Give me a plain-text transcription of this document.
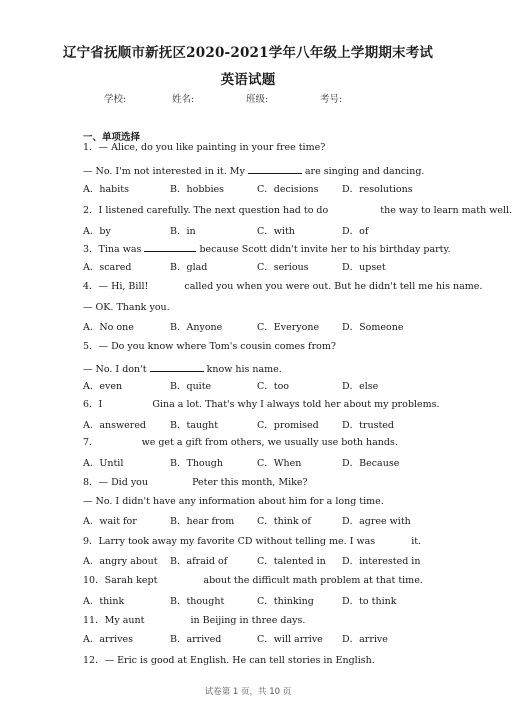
辽宁省抚顺市新抚区2020-2021学年八年级上学期期末考试
英语试题
学校:	姓名:	班级:	考号:
一、单项选择
1．— Alice, do you like painting in your free time?
— No. I'm not interested in it. My	are singing and dancing.
A．habits	B．hobbies	C．decisions D．resolutions
2．I listened carefully. The next question had to do	the way to learn math well.
A．by	B．in	C．with	D．of
3．Tina was	because Scott didn't invite her to his birthday party.
A．scared	B．glad	C．serious	D．upset
4．— Hi, Bill!	called you when you were out. But he didn't tell me his name.
— OK. Thank you.
A．No one	B．Anyone	C．Everyone D．Someone
5．— Do you know where Tom's cousin comes from?
— No. I don't	know his name.
A．even	B．quite	C．too	D．else
6．I	Gina a lot. That's why I always told her about my problems.
A．answered	B．taught	C．promised D．trusted
7．	we get a gift from others, we usually use both hands.
A．Until	B．Though	C．When	D．Because
8．— Did you	Peter this month, Mike?
— No. I didn't have any information about him for a long time.
A．wait for	B．hear from C．think of	D．agree with
9．Larry took away my favorite CD without telling me. I was	it.
A．angry about B．afraid of	C．talented in D．interested in
10．Sarah kept	about the difficult math problem at that time.
A．think	B．thought	C．thinking	D．to think
11．My aunt	in Beijing in three days.
A．arrives	B．arrived	C．will arrive D．arrive
12．— Eric is good at English. He can tell stories in English.
试卷第 1 页，共 10 页
